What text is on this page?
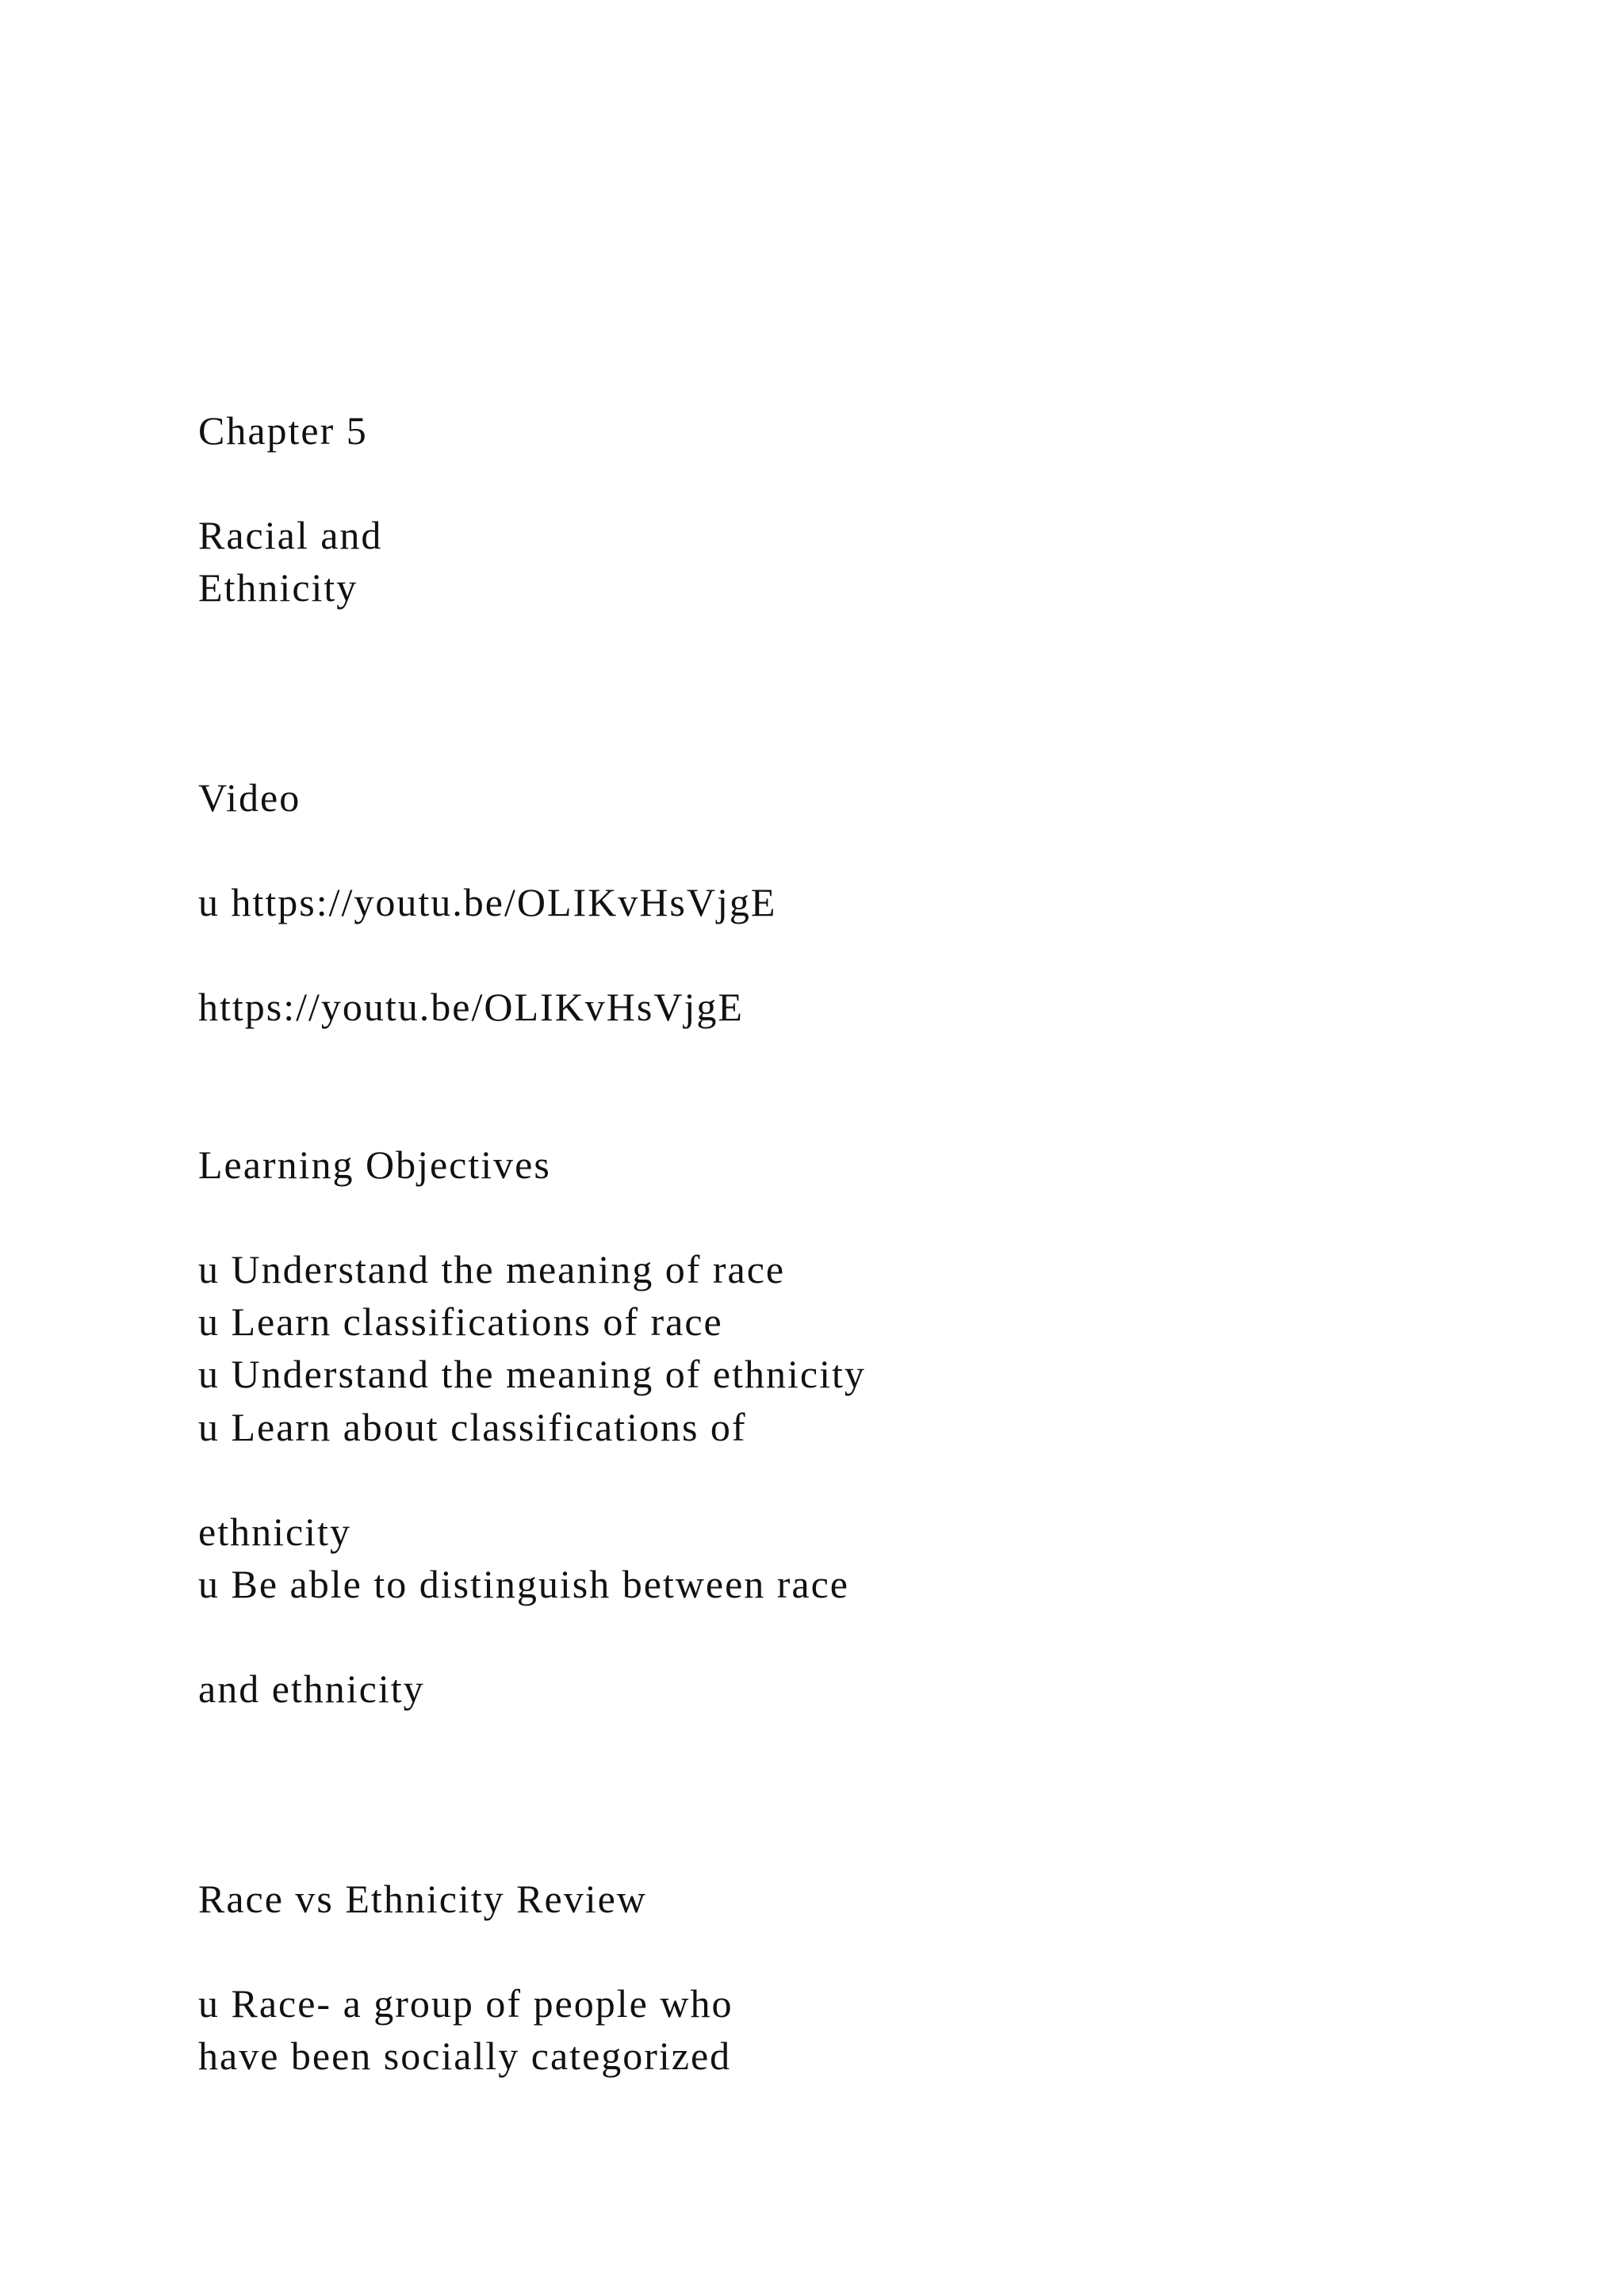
Chapter 5
Racial and
Ethnicity
Video
u https://youtu.be/OLIKvHsVjgE
https://youtu.be/OLIKvHsVjgE
Learning Objectives
u Understand the meaning of race
u Learn classifications of race
u Understand the meaning of ethnicity
u Learn about classifications of
ethnicity
u Be able to distinguish between race
and ethnicity
Race vs Ethnicity Review
u Race- a group of people who
have been socially categorized
